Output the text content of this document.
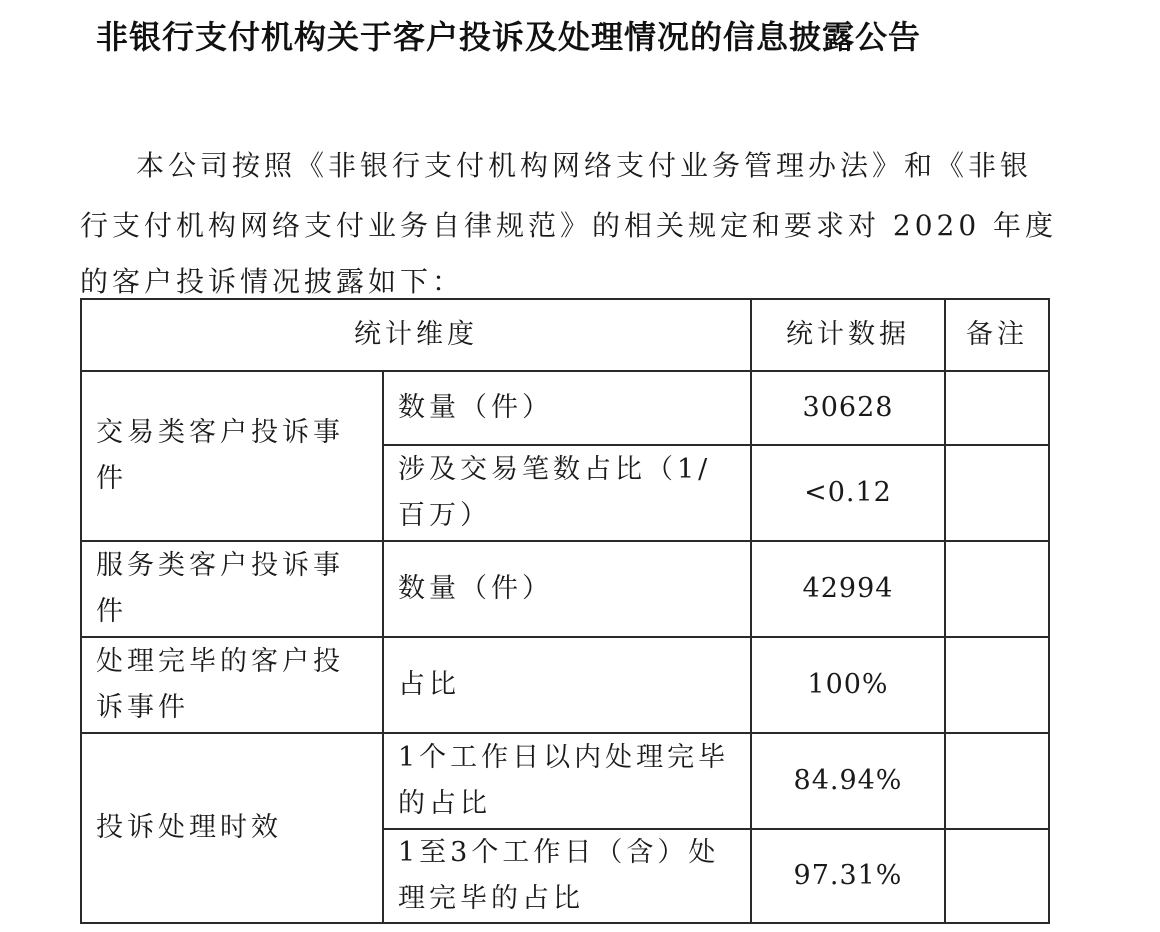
非银行支付机构关于客户投诉及处理情况的信息披露公告
本公司按照《非银行支付机构网络支付业务管理办法》和《非银
行支付机构网络支付业务自律规范》的相关规定和要求对 2020 年度
的客户投诉情况披露如下：
统计维度		统计数据	备注
交易类客户投诉事件	数量（件）	30628	
	涉及交易笔数占比（1/百万）	<0.12	
服务类客户投诉事件	数量（件）	42994	
处理完毕的客户投诉事件	占比	100%	
投诉处理时效	1个工作日以内处理完毕的占比	84.94%	
	1至3个工作日（含）处理完毕的占比	97.31%	
